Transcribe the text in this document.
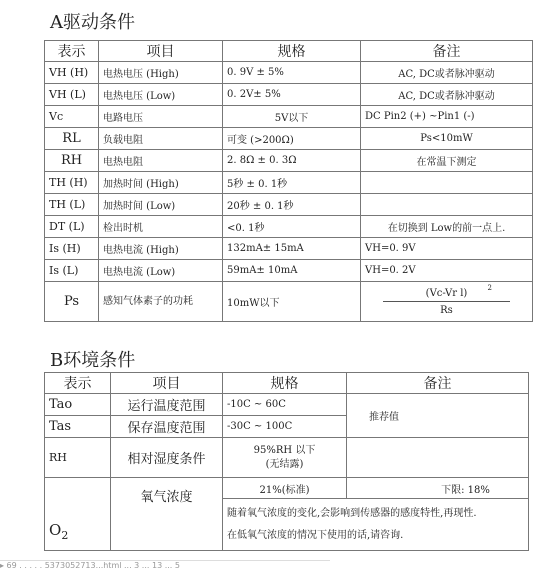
A驱动条件
表示	项目	规格	备注
VH (H)	电热电压 (High)	0. 9V ± 5%	AC, DC或者脉冲驱动
VH (L)	电热电压 (Low)	0. 2V± 5%	AC, DC或者脉冲驱动
Vc	电路电压	5V以下	DC Pin2 (+) ~Pin1 (-)
RL	负载电阻	可变 (>200Ω)	Ps<10mW
RH	电热电阻	2. 8Ω ± 0. 3Ω	在常温下测定
TH (H)	加热时间 (High)	5秒 ± 0. 1秒	
TH (L)	加热时间 (Low)	20秒 ± 0. 1秒	
DT (L)	检出时机	<0. 1秒	在切换到 Low的前一点上.
Is (H)	电热电流 (High)	132mA± 15mA	VH=0. 9V
Is (L)	电热电流 (Low)	59mA± 10mA	VH=0. 2V
Ps	感知气体素子的功耗	10mW以下	(Vc-Vr l) 2
Rs
B环境条件
表示	项目	规格	备注
Tao	运行温度范围	-10C ~ 60C	推荐值
Tas	保存温度范围	-30C ~ 100C	
RH	相对湿度条件	95%RH 以下
(无结露)	

$O_2$	氧气浓度	21%(标准)	下限: 18%

		随着氧气浓度的变化,会影响到传感器的感度特性,再现性.
在低氧气浓度的情况下使用的话,请咨询.	
▸ 69 . . . . . 5373052713...html ... 3 ... 13 ... 5
